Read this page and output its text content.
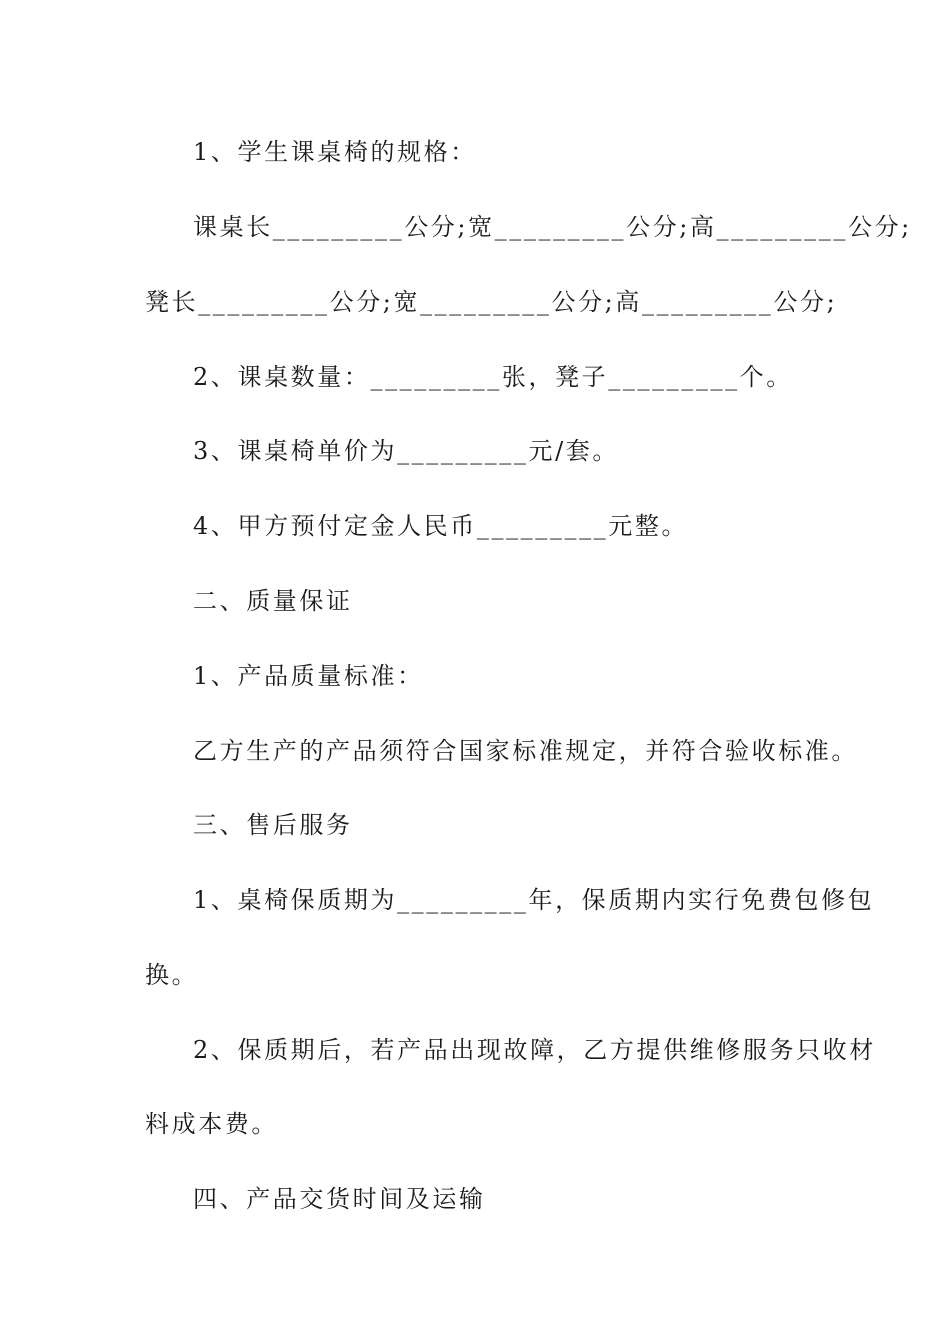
1、学生课桌椅的规格：
课桌长_________公分;宽_________公分;高_________公分;
凳长_________公分;宽_________公分;高_________公分;
2、课桌数量：_________张，凳子_________个。
3、课桌椅单价为_________元/套。
4、甲方预付定金人民币_________元整。
二、质量保证
1、产品质量标准：
乙方生产的产品须符合国家标准规定，并符合验收标准。
三、售后服务
1、桌椅保质期为_________年，保质期内实行免费包修包
换。
2、保质期后，若产品出现故障，乙方提供维修服务只收材
料成本费。
四、产品交货时间及运输
